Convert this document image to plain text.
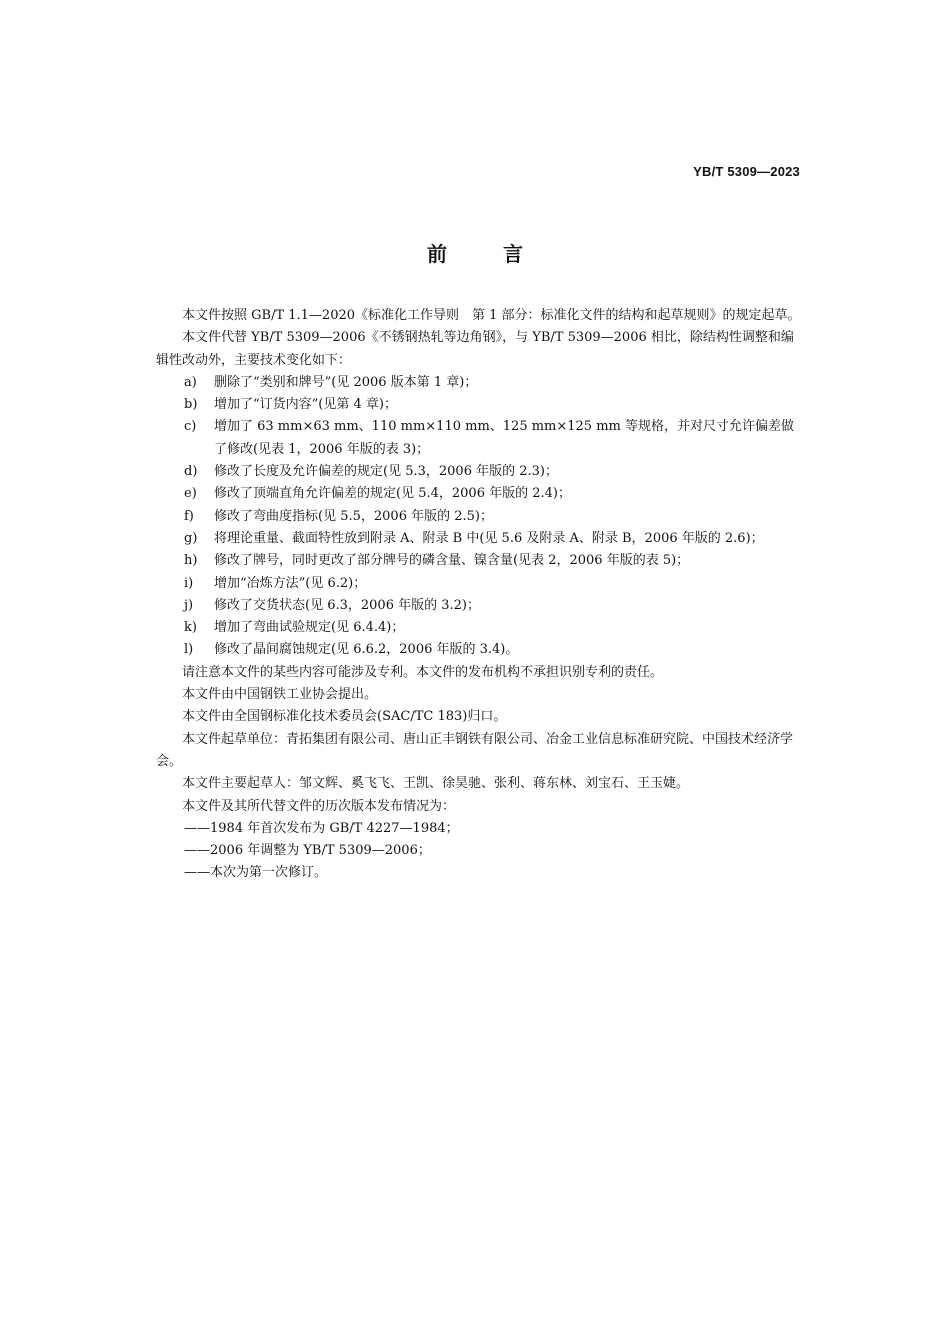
YB/T 5309—2023
前	言

本文件按照 GB/T 1.1—2020《标准化工作导则　第 1 部分：标准化文件的结构和起草规则》的规定起草。

本文件代替 YB/T 5309—2006《不锈钢热轧等边角钢》，与 YB/T 5309—2006 相比，除结构性调整和编辑性改动外，主要技术变化如下：

a) 删除了“类别和牌号”(见 2006 版本第 1 章)；

b) 增加了“订货内容”(见第 4 章)；

c) 增加了 63 mm×63 mm、110 mm×110 mm、125 mm×125 mm 等规格，并对尺寸允许偏差做了修改(见表 1，2006 年版的表 3)；

d) 修改了长度及允许偏差的规定(见 5.3，2006 年版的 2.3)；

e) 修改了顶端直角允许偏差的规定(见 5.4，2006 年版的 2.4)；

f) 修改了弯曲度指标(见 5.5，2006 年版的 2.5)；

g) 将理论重量、截面特性放到附录 A、附录 B 中(见 5.6 及附录 A、附录 B，2006 年版的 2.6)；

h) 修改了牌号，同时更改了部分牌号的磷含量、镍含量(见表 2，2006 年版的表 5)；

i) 增加“冶炼方法”(见 6.2)；

j) 修改了交货状态(见 6.3，2006 年版的 3.2)；

k) 增加了弯曲试验规定(见 6.4.4)；

l) 修改了晶间腐蚀规定(见 6.6.2，2006 年版的 3.4)。

请注意本文件的某些内容可能涉及专利。本文件的发布机构不承担识别专利的责任。

本文件由中国钢铁工业协会提出。

本文件由全国钢标准化技术委员会(SAC/TC 183)归口。

本文件起草单位：青拓集团有限公司、唐山正丰钢铁有限公司、冶金工业信息标准研究院、中国技术经济学会。

本文件主要起草人：邹文辉、奚飞飞、王凯、徐昊驰、张利、蒋东林、刘宝石、王玉婕。

本文件及其所代替文件的历次版本发布情况为：

——1984 年首次发布为 GB/T 4227—1984；

——2006 年调整为 YB/T 5309—2006；

——本次为第一次修订。
